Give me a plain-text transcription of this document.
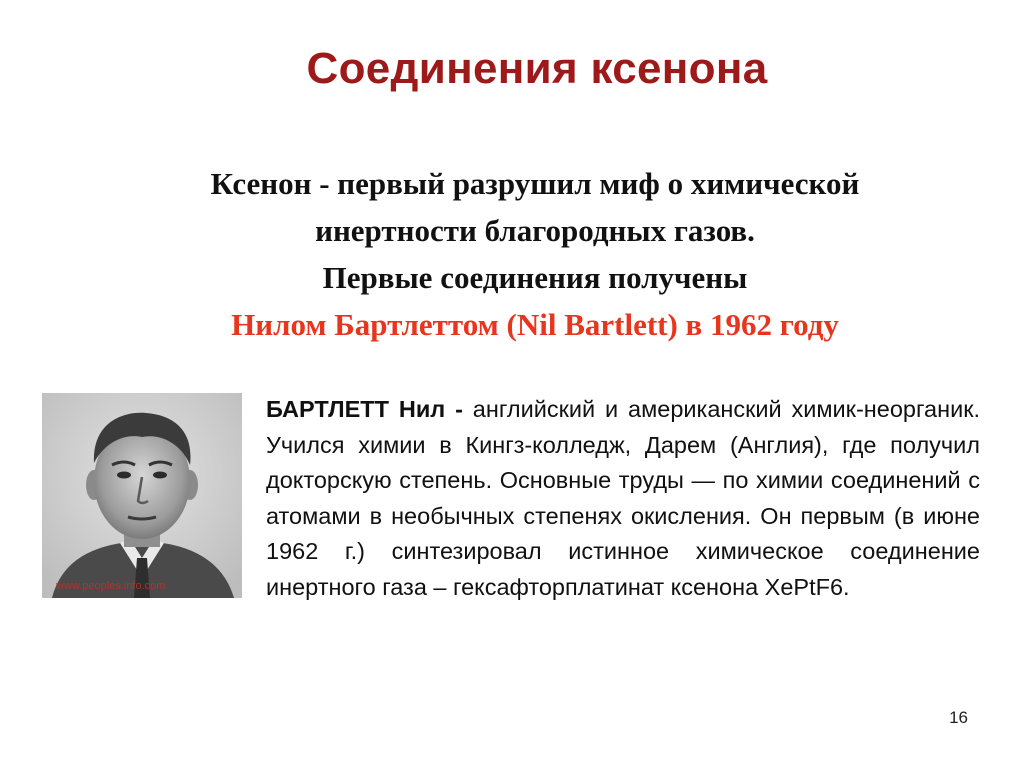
Соединения ксенона
Ксенон - первый разрушил миф о химической
инертности благородных газов.
Первые соединения получены
Нилом Бартлеттом (Nil Bartlett) в 1962 году
www.peoples.info.com
БАРТЛЕТТ Нил - английский и американский химик-неорганик. Учился химии в Кингз-колледж, Дарем (Англия), где получил докторскую степень. Основные труды — по химии соединений с атомами в необычных степенях окисления. Он первым (в июне 1962 г.) синтезировал истинное химическое соединение инертного газа – гексафторплатинат ксенона XePtF6.
16
